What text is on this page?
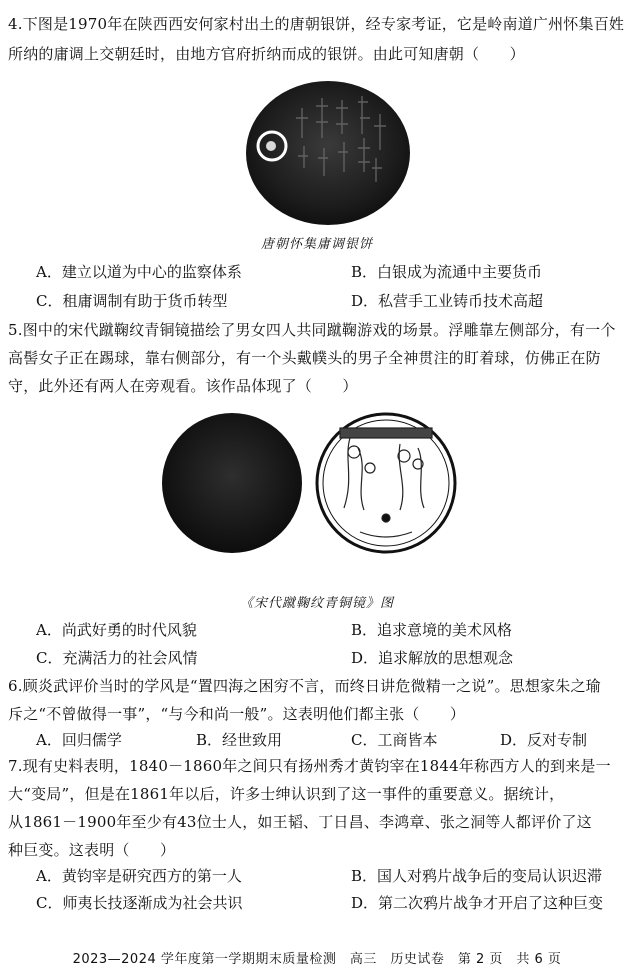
4.下图是1970年在陕西西安何家村出土的唐朝银饼，经专家考证，它是岭南道广州怀集百姓
所纳的庸调上交朝廷时，由地方官府折纳而成的银饼。由此可知唐朝（　　）
唐朝怀集庸调银饼
A．建立以道为中心的监察体系	B．白银成为流通中主要货币
C．租庸调制有助于货币转型	D．私营手工业铸币技术高超
5.图中的宋代蹴鞠纹青铜镜描绘了男女四人共同蹴鞠游戏的场景。浮雕靠左侧部分，有一个
高髻女子正在踢球，靠右侧部分，有一个头戴幞头的男子全神贯注的盯着球，仿佛正在防
守，此外还有两人在旁观看。该作品体现了（　　）
《宋代蹴鞠纹青铜镜》图
A．尚武好勇的时代风貌	B．追求意境的美术风格
C．充满活力的社会风情	D．追求解放的思想观念
6.顾炎武评价当时的学风是“置四海之困穷不言，而终日讲危微精一之说”。思想家朱之瑜
斥之“不曾做得一事”，“与今和尚一般”。这表明他们都主张（　　）
A．回归儒学	B．经世致用	C．工商皆本	D．反对专制
7.现有史料表明，1840－1860年之间只有扬州秀才黄钧宰在1844年称西方人的到来是一
大“变局”，但是在1861年以后，许多士绅认识到了这一事件的重要意义。据统计，
从1861－1900年至少有43位士人，如王韬、丁日昌、李鸿章、张之洞等人都评价了这
种巨变。这表明（　　）
A．黄钧宰是研究西方的第一人	B．国人对鸦片战争后的变局认识迟滞
C．师夷长技逐渐成为社会共识	D．第二次鸦片战争才开启了这种巨变
2023—2024 学年度第一学期期末质量检测　高三　历史试卷　第 2 页　共 6 页
